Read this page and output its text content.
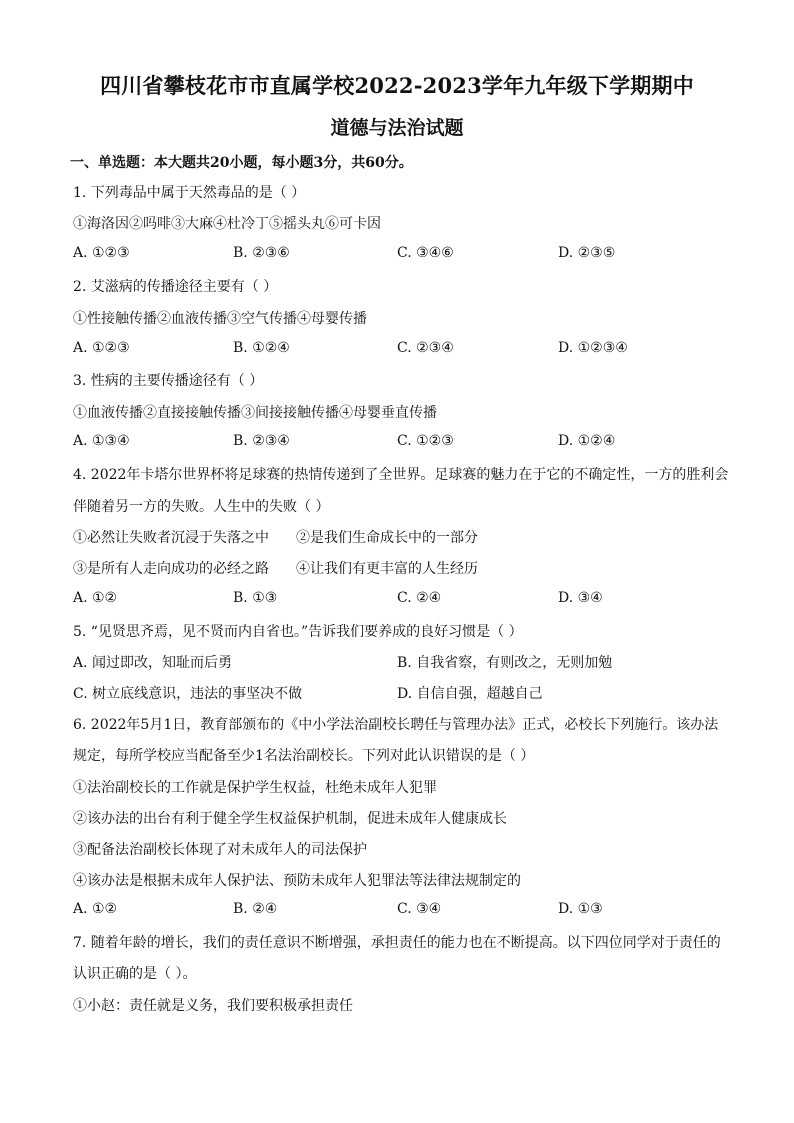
四川省攀枝花市市直属学校2022-2023学年九年级下学期期中
道德与法治试题
一、单选题：本大题共20小题，每小题3分，共60分。
1. 下列毒品中属于天然毒品的是（ ）
①海洛因②吗啡③大麻④杜冷丁⑤摇头丸⑥可卡因
A. ①②③	B. ②③⑥	C. ③④⑥	D. ②③⑤
2. 艾滋病的传播途径主要有（ ）
①性接触传播②血液传播③空气传播④母婴传播
A. ①②③	B. ①②④	C. ②③④	D. ①②③④
3. 性病的主要传播途径有（ ）
①血液传播②直接接触传播③间接接触传播④母婴垂直传播
A. ①③④	B. ②③④	C. ①②③	D. ①②④
4. 2022年卡塔尔世界杯将足球赛的热情传递到了全世界。足球赛的魅力在于它的不确定性，一方的胜利会
伴随着另一方的失败。人生中的失败（ ）
①必然让失败者沉浸于失落之中 ②是我们生命成长中的一部分
③是所有人走向成功的必经之路 ④让我们有更丰富的人生经历
A. ①②	B. ①③	C. ②④	D. ③④
5. “见贤思齐焉，见不贤而内自省也。”告诉我们要养成的良好习惯是（ ）
A. 闻过即改，知耻而后勇	B. 自我省察，有则改之，无则加勉
C. 树立底线意识，违法的事坚决不做	D. 自信自强，超越自己
6. 2022年5月1日，教育部颁布的《中小学法治副校长聘任与管理办法》正式，必校长下列施行。该办法
规定，每所学校应当配备至少1名法治副校长。下列对此认识错误的是（ ）
①法治副校长的工作就是保护学生权益，杜绝未成年人犯罪
②该办法的出台有利于健全学生权益保护机制，促进未成年人健康成长
③配备法治副校长体现了对未成年人的司法保护
④该办法是根据未成年人保护法、预防未成年人犯罪法等法律法规制定的
A. ①②	B. ②④	C. ③④	D. ①③
7. 随着年龄的增长，我们的责任意识不断增强，承担责任的能力也在不断提高。以下四位同学对于责任的
认识正确的是（ ）。
①小赵：责任就是义务，我们要积极承担责任
